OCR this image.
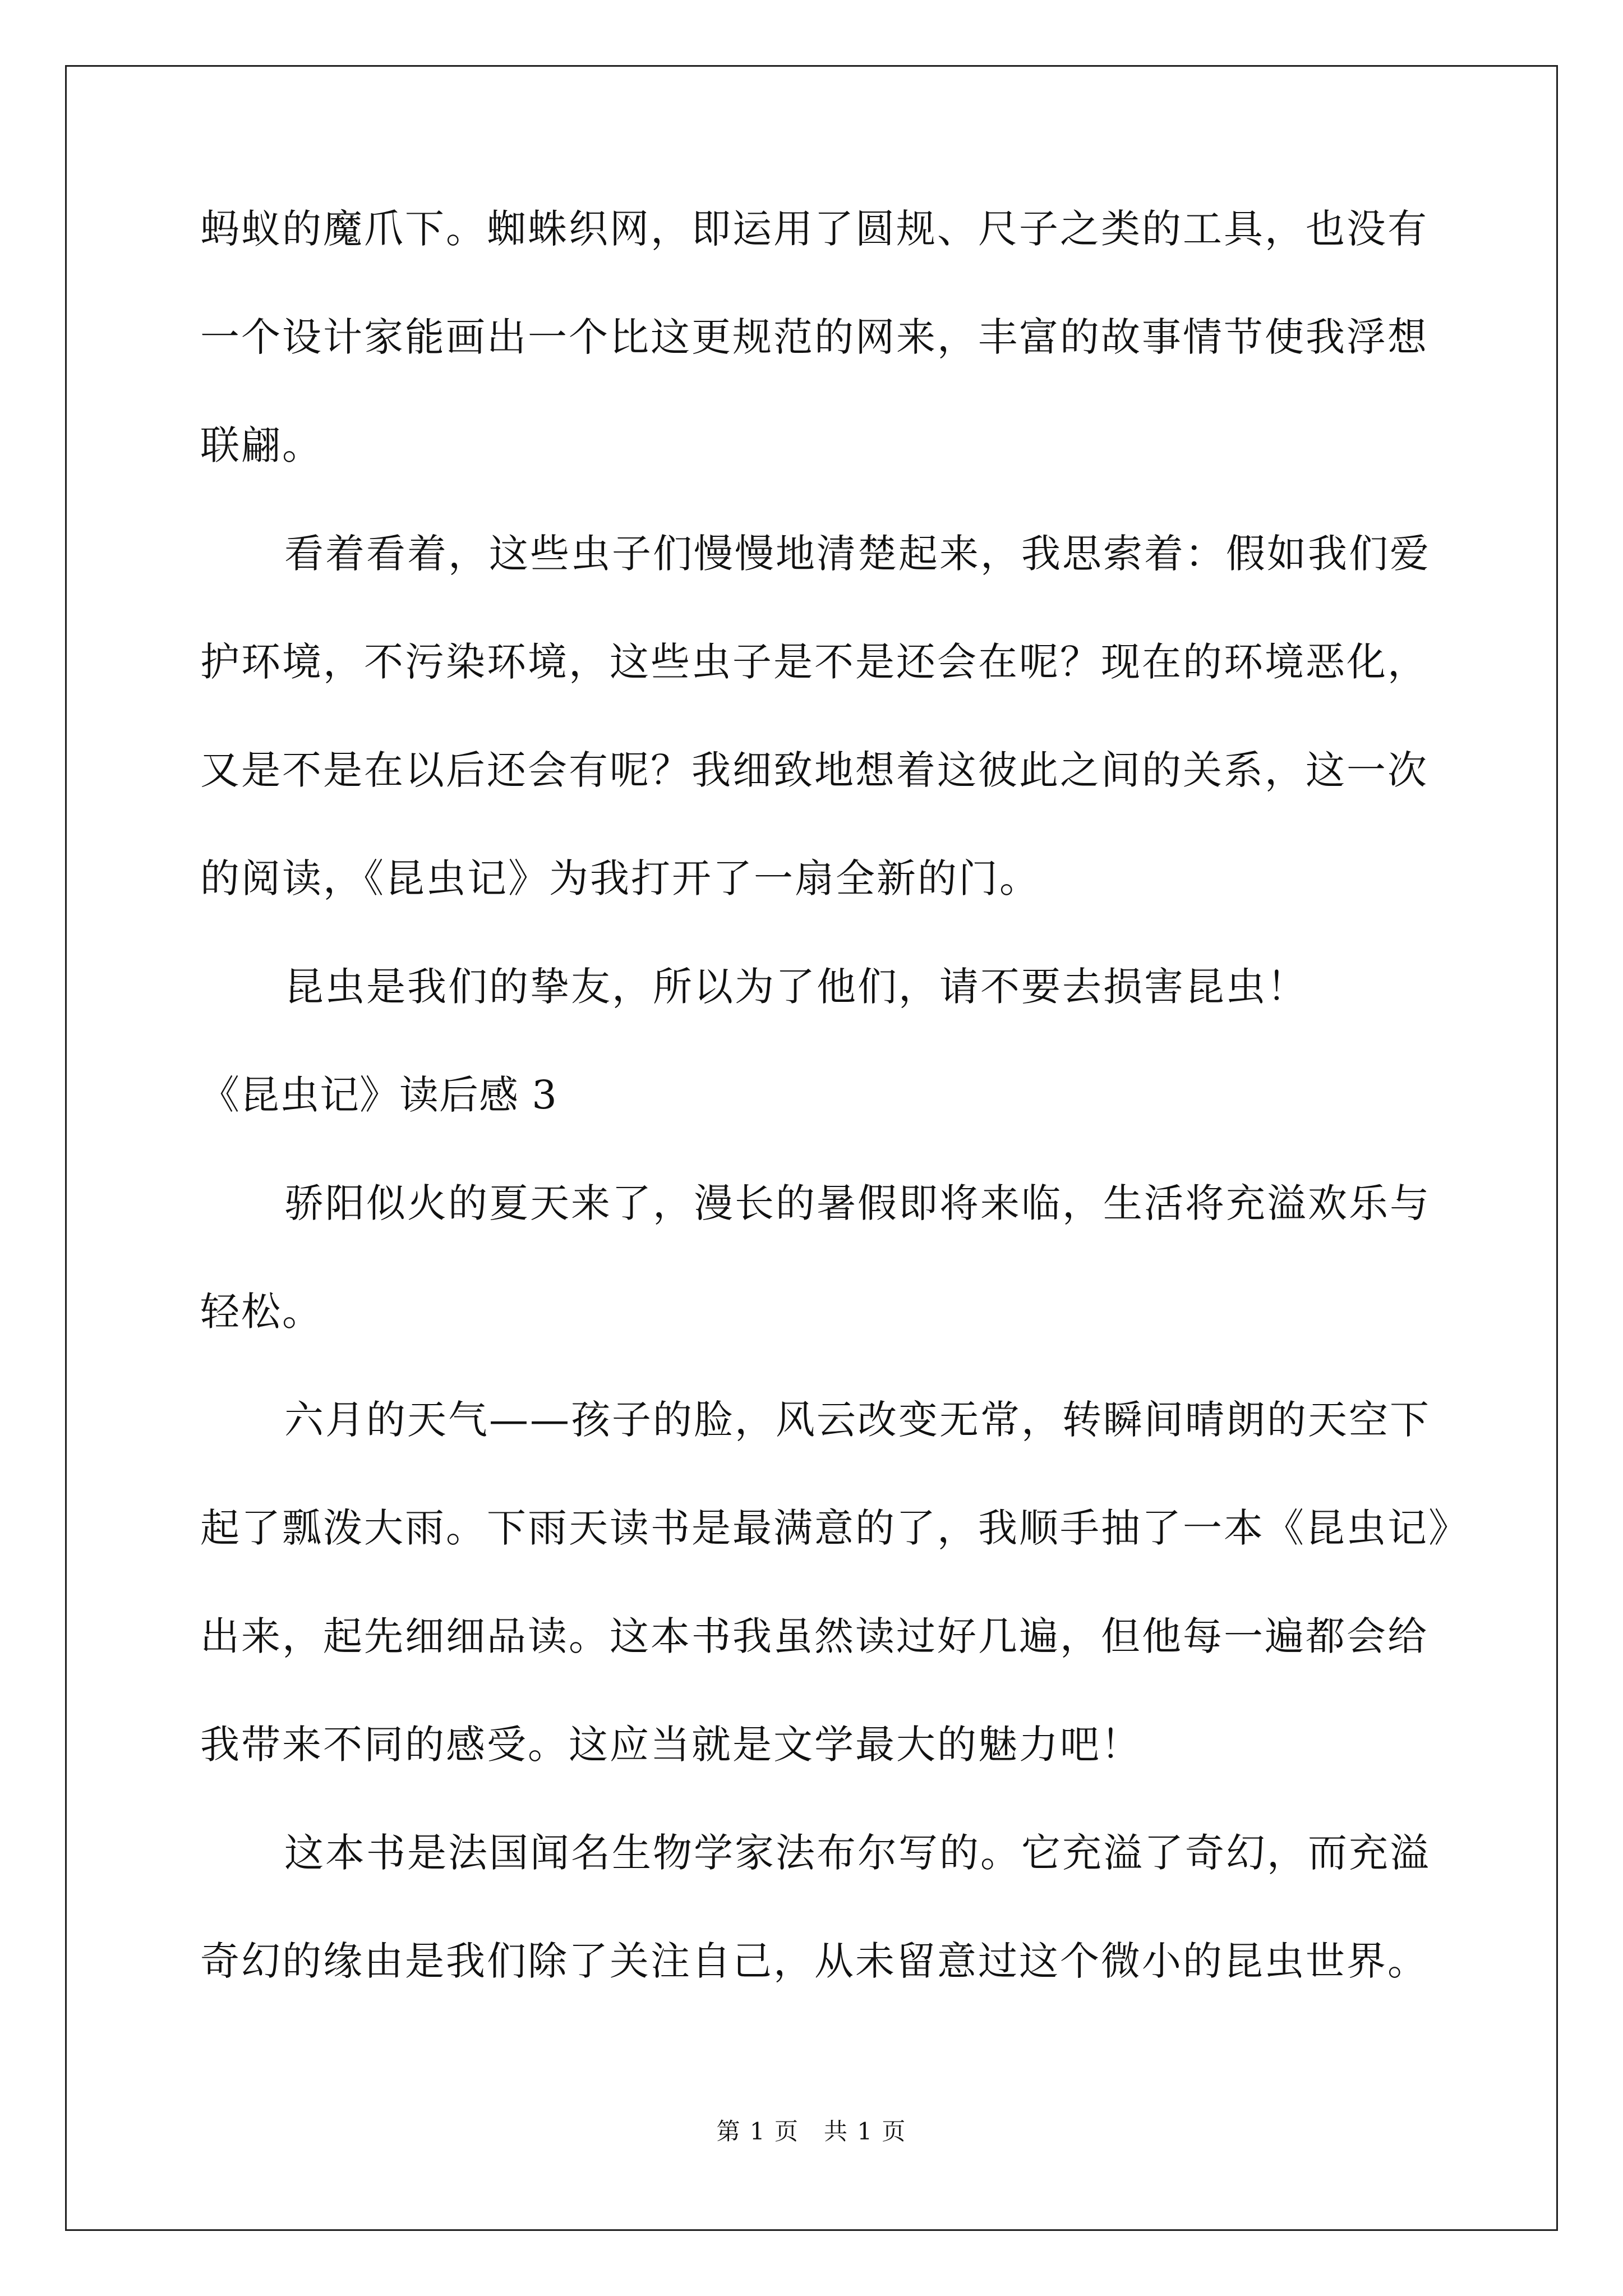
蚂蚁的魔爪下。蜘蛛织网，即运用了圆规、尺子之类的工具，也没有
一个设计家能画出一个比这更规范的网来，丰富的故事情节使我浮想
联翩。
看着看着，这些虫子们慢慢地清楚起来，我思索着：假如我们爱
护环境，不污染环境，这些虫子是不是还会在呢？现在的环境恶化，
又是不是在以后还会有呢？我细致地想着这彼此之间的关系，这一次
的阅读，《昆虫记》为我打开了一扇全新的门。
昆虫是我们的挚友，所以为了他们，请不要去损害昆虫！
《昆虫记》读后感 3
骄阳似火的夏天来了，漫长的暑假即将来临，生活将充溢欢乐与
轻松。
六月的天气——孩子的脸，风云改变无常，转瞬间晴朗的天空下
起了瓢泼大雨。下雨天读书是最满意的了，我顺手抽了一本《昆虫记》
出来，起先细细品读。这本书我虽然读过好几遍，但他每一遍都会给
我带来不同的感受。这应当就是文学最大的魅力吧！
这本书是法国闻名生物学家法布尔写的。它充溢了奇幻，而充溢
奇幻的缘由是我们除了关注自己，从未留意过这个微小的昆虫世界。
第 1 页　共 1 页
